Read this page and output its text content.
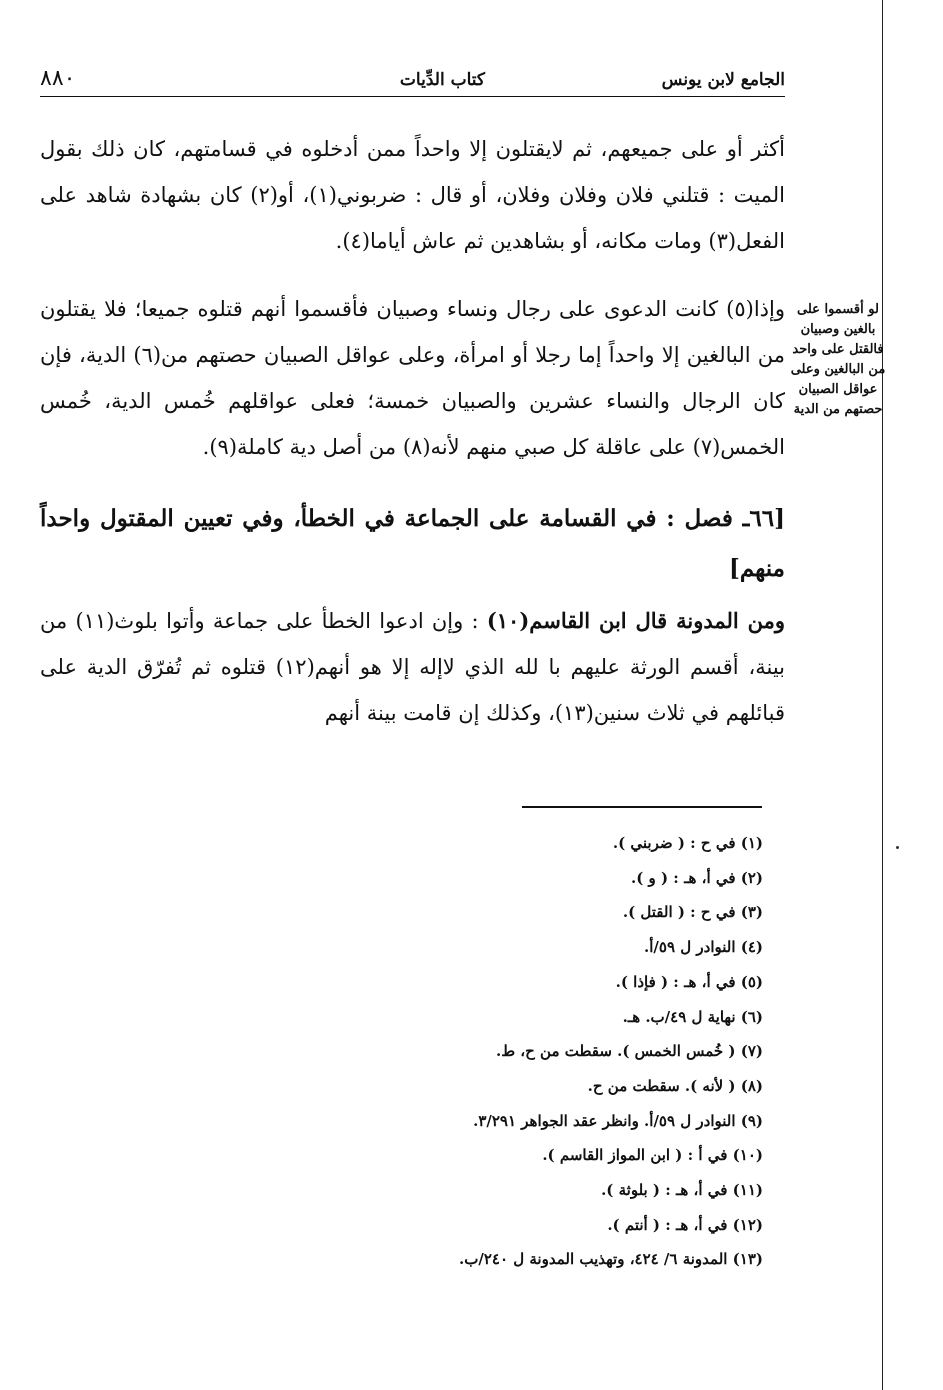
الجامع لابن يونس
كتاب الدِّيات
٨٨٠

أكثر أو على جميعهم، ثم لايقتلون إلا واحداً ممن أدخلوه في قسامتهم، كان ذلك بقول الميت : قتلني فلان وفلان وفلان، أو قال : ضربوني(١)، أو(٢) كان بشهادة شاهد على الفعل(٣) ومات مكانه، أو بشاهدين ثم عاش أياما(٤).

وإذا(٥) كانت الدعوى على رجال ونساء وصبيان فأقسموا أنهم قتلوه جميعا؛ فلا يقتلون من البالغين إلا واحداً إما رجلا أو امرأة، وعلى عواقل الصبيان حصتهم من(٦) الدية، فإن كان الرجال والنساء عشرين والصبيان خمسة؛ فعلى عواقلهم خُمس الدية، خُمس الخمس(٧) على عاقلة كل صبي منهم لأنه(٨) من أصل دية كاملة(٩).

[٦٦ـ فصل : في القسامة على الجماعة في الخطأ، وفي تعيين المقتول واحداً منهم]

ومن المدونة قال ابن القاسم(١٠) : وإن ادعوا الخطأ على جماعة وأتوا بلوث(١١) من بينة، أقسم الورثة عليهم با لله الذي لاإله إلا هو أنهم(١٢) قتلوه ثم تُفرّق الدية على قبائلهم في ثلاث سنين(١٣)، وكذلك إن قامت بينة أنهم

لو أقسموا على بالغين وصبيان فالقتل على واحد من البالغين وعلى عواقل الصبيان حصتهم من الدية
(١) في ح : ( ضربني ).
(٢) في أ، هـ : ( و ).
(٣) في ح : ( القتل ).
(٤) النوادر ل ٥٩/أ.
(٥) في أ، هـ : ( فإذا ).
(٦) نهاية ل ٤٩/ب. هـ.
(٧) ( خُمس الخمس ). سقطت من ح، ط.
(٨) ( لأنه ). سقطت من ح.
(٩) النوادر ل ٥٩/أ. وانظر عقد الجواهر ٣/٢٩١.
(١٠) في أ : ( ابن المواز القاسم ).
(١١) في أ، هـ : ( بلوثة ).
(١٢) في أ، هـ : ( أنتم ).
(١٣) المدونة ٦/ ٤٢٤، وتهذيب المدونة ل ٢٤٠/ب.
